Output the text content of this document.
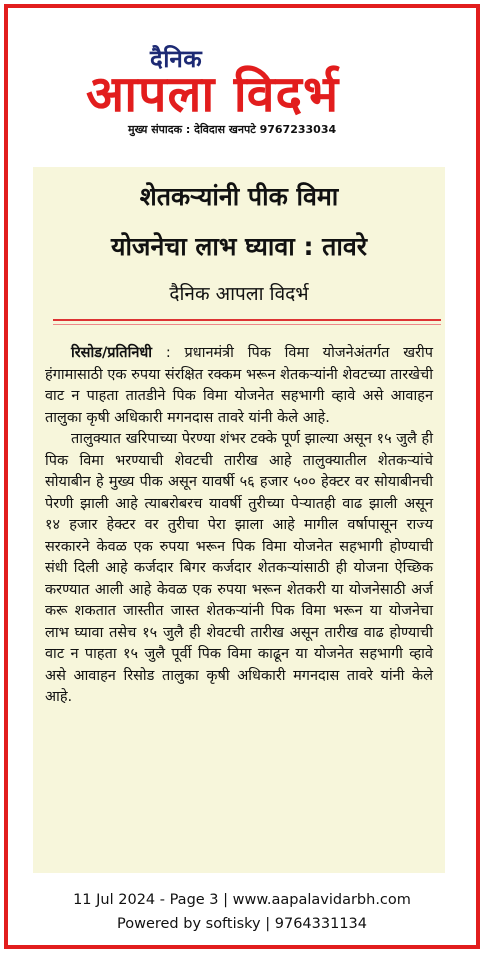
दैनिक
आपला विदर्भ
मुख्य संपादक : देविदास खनपटे 9767233034
शेतकऱ्यांनी पीक विमा
योजनेचा लाभ घ्यावा : तावरे
दैनिक आपला विदर्भ

रिसोड/प्रतिनिधी : प्रधानमंत्री पिक विमा योजनेअंतर्गत खरीप हंगामासाठी एक रुपया संरक्षित रक्कम भरून शेतकऱ्यांनी शेवटच्या तारखेची वाट न पाहता तातडीने पिक विमा योजनेत सहभागी व्हावे असे आवाहन तालुका कृषी अधिकारी मगनदास तावरे यांनी केले आहे.

तालुक्यात खरिपाच्या पेरण्या शंभर टक्के पूर्ण झाल्या असून १५ जुलै ही पिक विमा भरण्याची शेवटची तारीख आहे तालुक्यातील शेतकऱ्यांचे सोयाबीन हे मुख्य पीक असून यावर्षी ५६ हजार ५०० हेक्टर वर सोयाबीनची पेरणी झाली आहे त्याबरोबरच यावर्षी तुरीच्या पेऱ्यातही वाढ झाली असून १४ हजार हेक्टर वर तुरीचा पेरा झाला आहे मागील वर्षापासून राज्य सरकारने केवळ एक रुपया भरून पिक विमा योजनेत सहभागी होण्याची संधी दिली आहे कर्जदार बिगर कर्जदार शेतकऱ्यांसाठी ही योजना ऐच्छिक करण्यात आली आहे केवळ एक रुपया भरून शेतकरी या योजनेसाठी अर्ज करू शकतात जास्तीत जास्त शेतकऱ्यांनी पिक विमा भरून या योजनेचा लाभ घ्यावा तसेच १५ जुलै ही शेवटची तारीख असून तारीख वाढ होण्याची वाट न पाहता १५ जुलै पूर्वी पिक विमा काढून या योजनेत सहभागी व्हावे असे आवाहन रिसोड तालुका कृषी अधिकारी मगनदास तावरे यांनी केले आहे.

11 Jul 2024 - Page 3 | www.aapalavidarbh.com
Powered by softisky | 9764331134
